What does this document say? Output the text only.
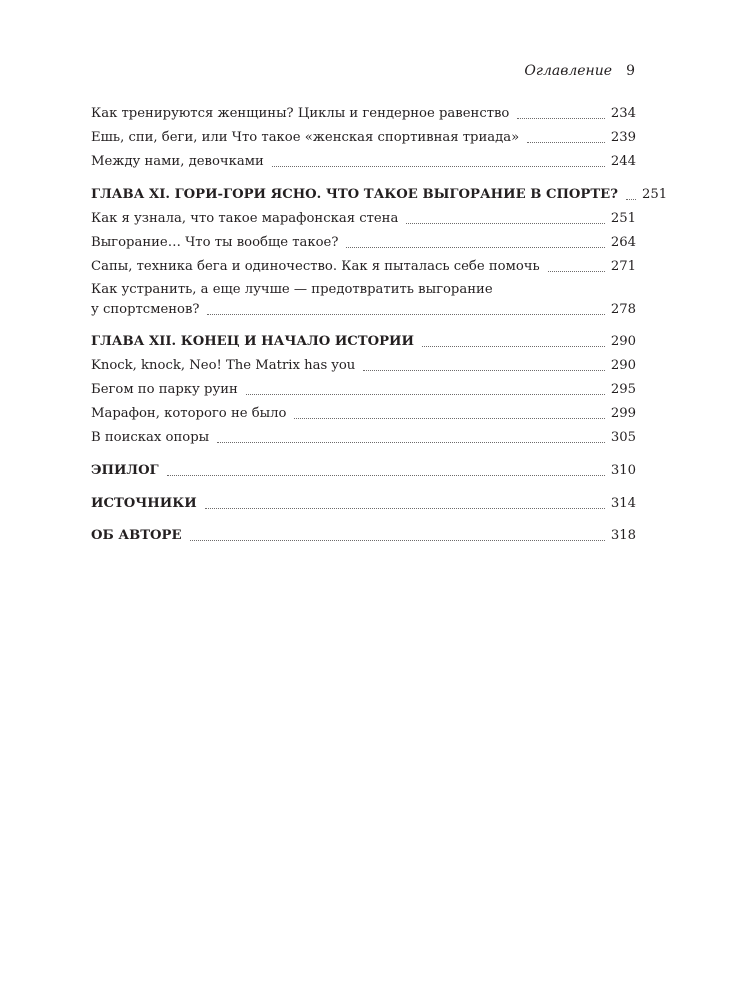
Оглавление 9
Как тренируются женщины? Циклы и гендерное равенство	234
Ешь, спи, беги, или Что такое «женская спортивная триада»	239
Между нами, девочками	244
ГЛАВА XI. ГОРИ-ГОРИ ЯСНО. ЧТО ТАКОЕ ВЫГОРАНИЕ В СПОРТЕ? 251
Как я узнала, что такое марафонская стена	251
Выгорание… Что ты вообще такое?	264
Сапы, техника бега и одиночество. Как я пыталась себе помочь	271
Как устранить, а еще лучше — предотвратить выгорание
у спортсменов?	278
ГЛАВА XII. КОНЕЦ И НАЧАЛО ИСТОРИИ	290
Knock, knock, Neo! The Matrix has you	290
Бегом по парку руин	295
Марафон, которого не было	299
В поисках опоры	305
ЭПИЛОГ	310
ИСТОЧНИКИ	314
ОБ АВТОРЕ	318
